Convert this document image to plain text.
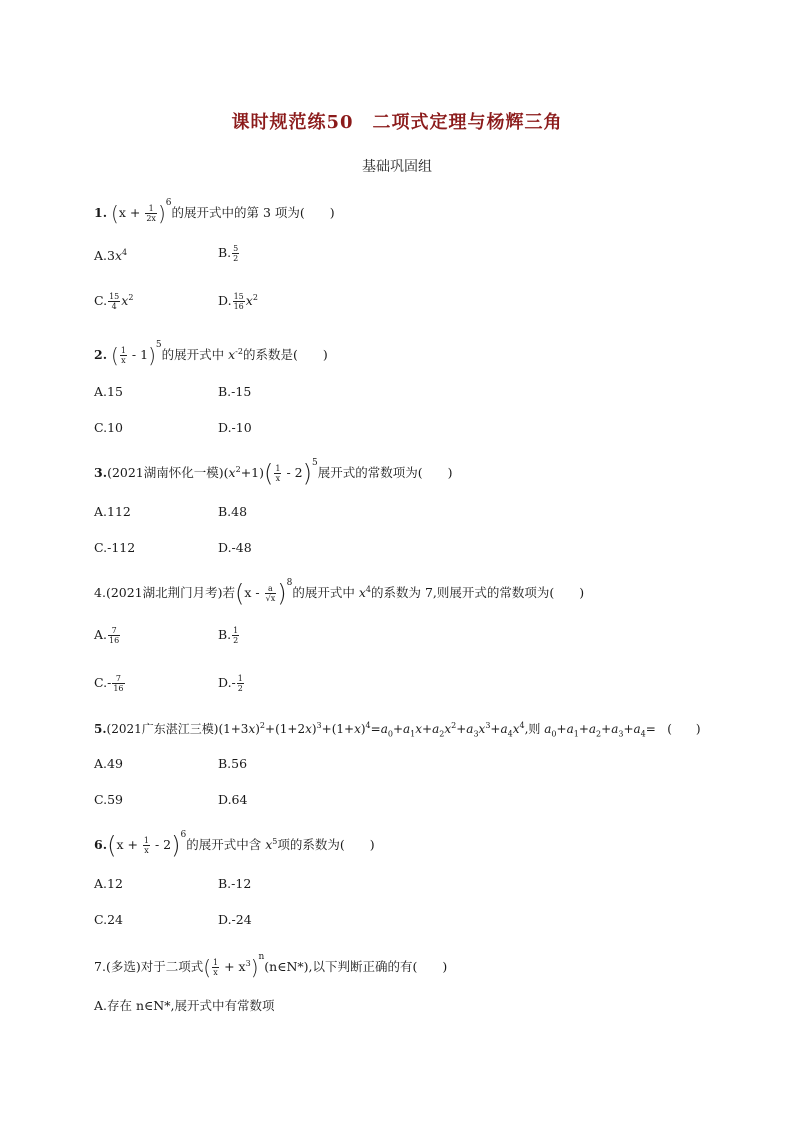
课时规范练50　二项式定理与杨辉三角
基础巩固组
1. $(x + \frac{1}{2x} )^6$的展开式中的第 3 项为(　　)
$A.3x^4$	B. $\frac{5}{2}$
C. $\frac{15}{4} x^2$	D. $\frac{15}{16} x^2$
2. ( $\frac{1}{x} - 1)^5$的展开式中 $x^{-2}$的系数是(　　)
A.15	B.-15
C.10	D.-10
3.(2021湖南怀化一模)$(x^2+1)( \frac{1}{x} - 2)^5$展开式的常数项为(　　)
A.112	B.48
C.-112	D.-48
4.(2021湖北荆门月考)若$(x - \frac{a}{√x} )^8$的展开式中 $x^4$的系数为 7,则展开式的常数项为(　　)
A. $\frac{7}{16}$	B. $\frac{1}{2}$
$C.- \frac{7}{16}$	$D.- \frac{1}{2}$
5.(2021广东湛江三模)$(1+3x)^2+(1+2x)^3+(1+x)^4=a_0+a_1x+a_2x^2+a_3x^3+a_4x^4$,则 $a_0+a_1+a_2+a_3+a_4=$   (　　)
A.49	B.56
C.59	D.64
$6.(x + \frac{1}{x} - 2)^6$的展开式中含 $x^5$项的系数为(　　)
A.12	B.-12
C.24	D.-24
7.(多选)对于二项式( $\frac{1}{x}$ + $x^3)^n(n\in N*)$,以下判断正确的有(　　)
A.存在 n∈N*,展开式中有常数项
